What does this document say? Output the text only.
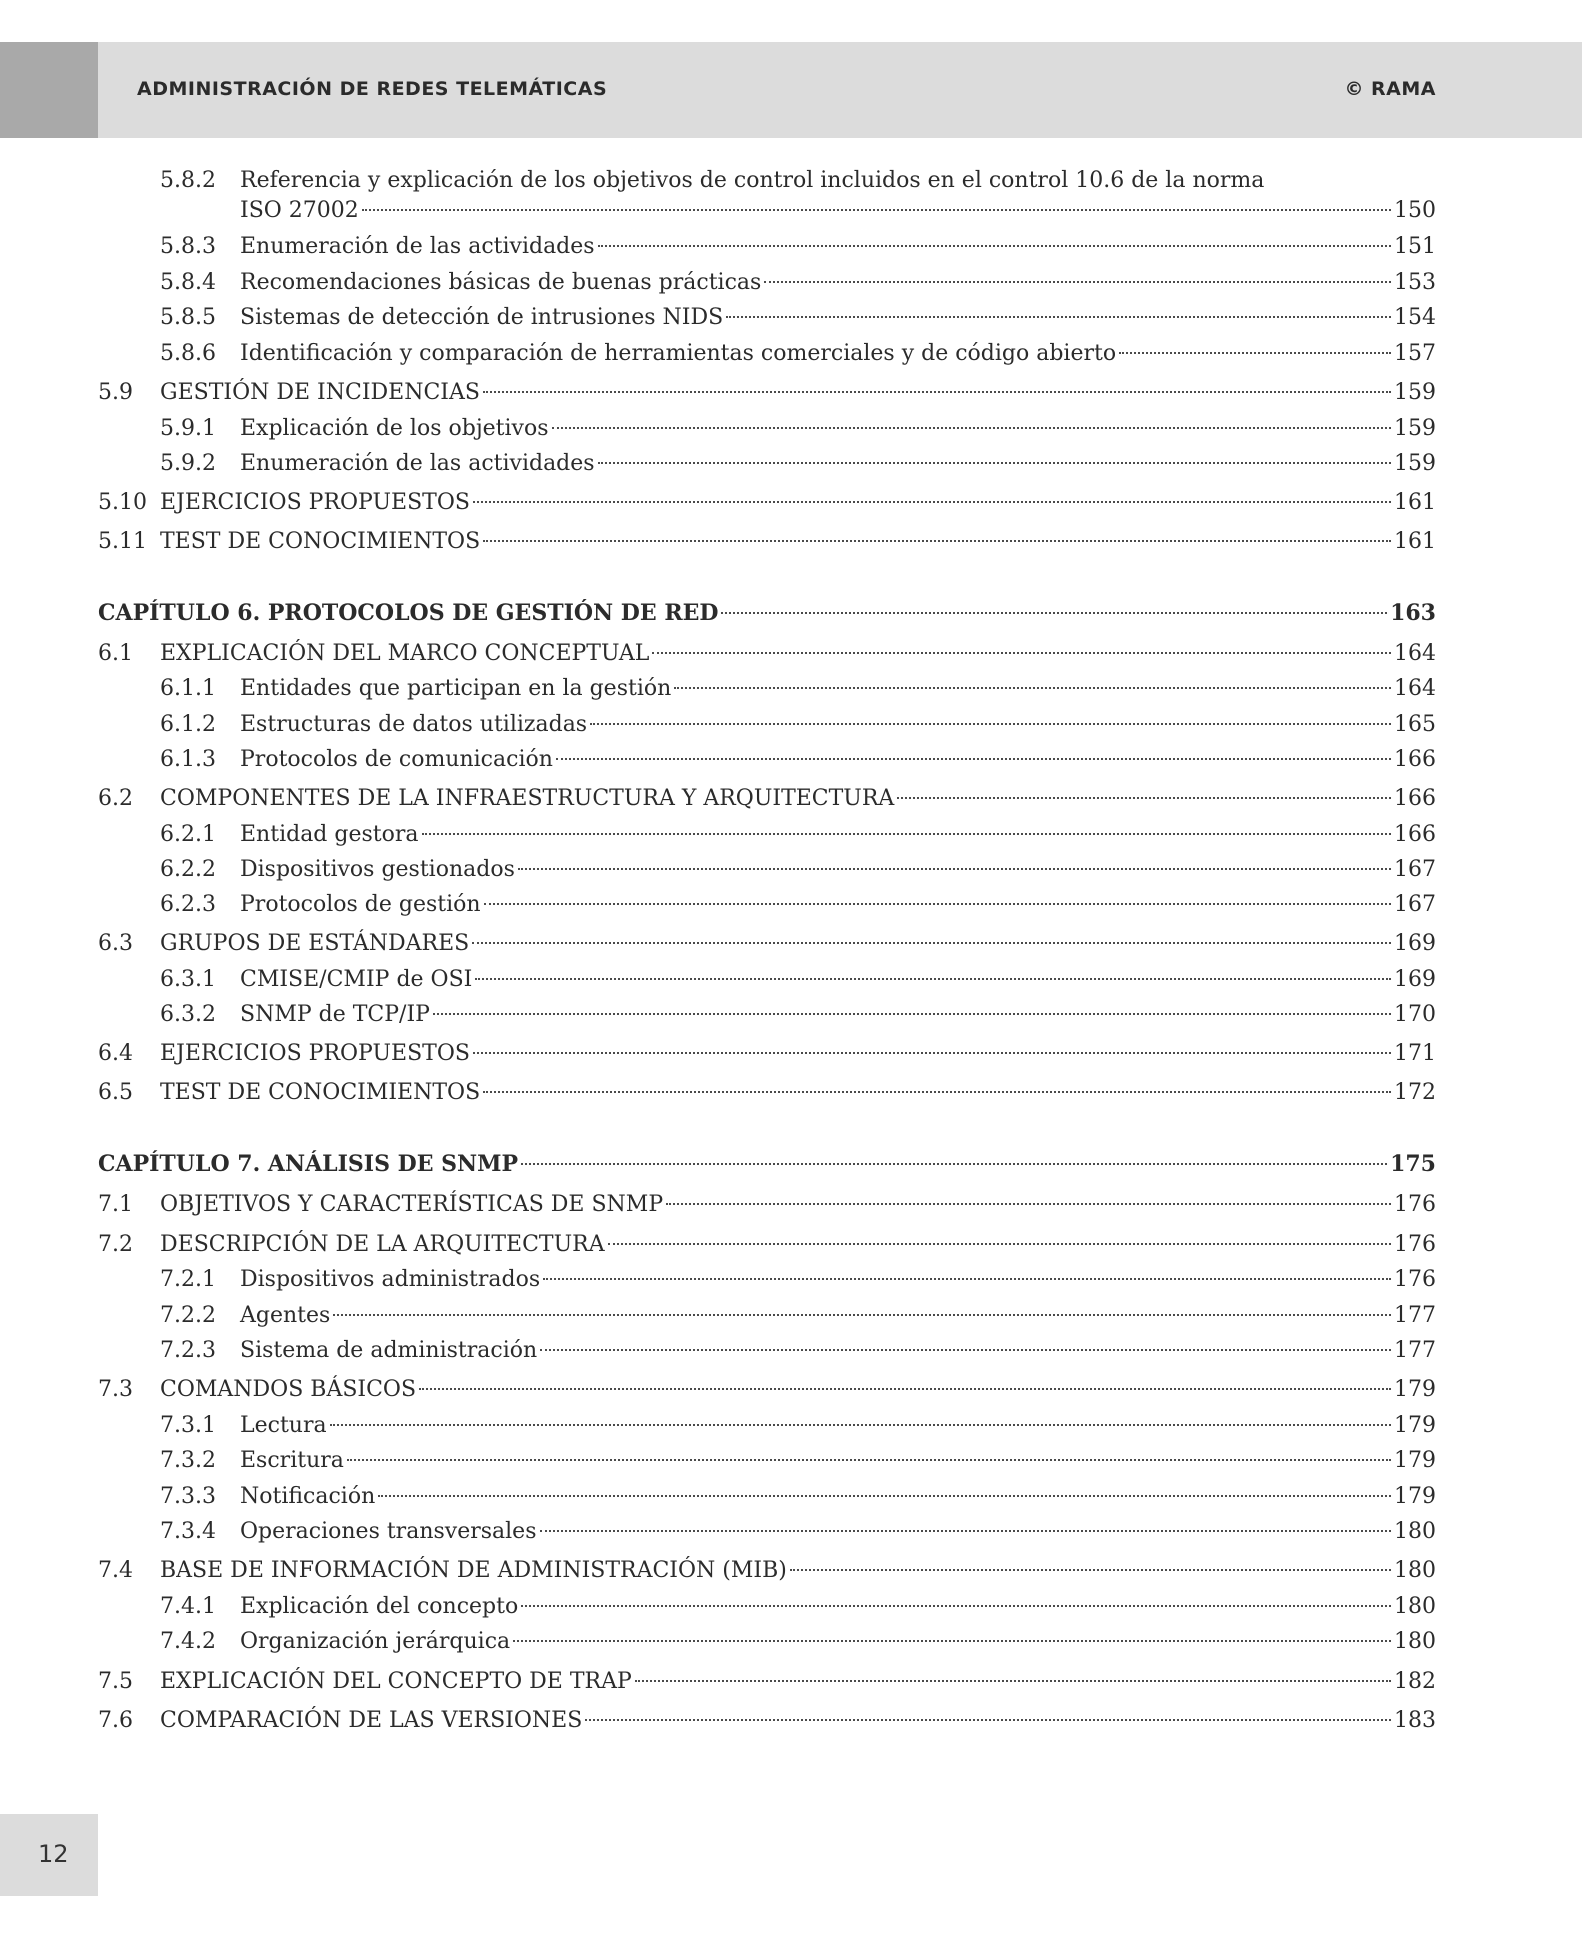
ADMINISTRACIÓN DE REDES TELEMÁTICAS	© RAMA
5.8.2	Referencia y explicación de los objetivos de control incluidos en el control 10.6 de la norma
ISO 27002	150
5.8.3	Enumeración de las actividades	151
5.8.4	Recomendaciones básicas de buenas prácticas	153
5.8.5	Sistemas de detección de intrusiones NIDS	154
5.8.6	Identificación y comparación de herramientas comerciales y de código abierto	157
5.9	GESTIÓN DE INCIDENCIAS	159
5.9.1	Explicación de los objetivos	159
5.9.2	Enumeración de las actividades	159
5.10 EJERCICIOS PROPUESTOS	161
5.11 TEST DE CONOCIMIENTOS	161
CAPÍTULO 6. PROTOCOLOS DE GESTIÓN DE RED	163
6.1	EXPLICACIÓN DEL MARCO CONCEPTUAL	164
6.1.1	Entidades que participan en la gestión	164
6.1.2	Estructuras de datos utilizadas	165
6.1.3	Protocolos de comunicación	166
6.2	COMPONENTES DE LA INFRAESTRUCTURA Y ARQUITECTURA	166
6.2.1	Entidad gestora	166
6.2.2	Dispositivos gestionados	167
6.2.3	Protocolos de gestión	167
6.3	GRUPOS DE ESTÁNDARES	169
6.3.1	CMISE/CMIP de OSI	169
6.3.2	SNMP de TCP/IP	170
6.4	EJERCICIOS PROPUESTOS	171
6.5	TEST DE CONOCIMIENTOS	172
CAPÍTULO 7. ANÁLISIS DE SNMP	175
7.1	OBJETIVOS Y CARACTERÍSTICAS DE SNMP	176
7.2	DESCRIPCIÓN DE LA ARQUITECTURA	176
7.2.1	Dispositivos administrados	176
7.2.2	Agentes	177
7.2.3	Sistema de administración	177
7.3	COMANDOS BÁSICOS	179
7.3.1	Lectura	179
7.3.2	Escritura	179
7.3.3	Notificación	179
7.3.4	Operaciones transversales	180
7.4	BASE DE INFORMACIÓN DE ADMINISTRACIÓN (MIB)	180
7.4.1	Explicación del concepto	180
7.4.2	Organización jerárquica	180
7.5	EXPLICACIÓN DEL CONCEPTO DE TRAP	182
7.6	COMPARACIÓN DE LAS VERSIONES	183
12
